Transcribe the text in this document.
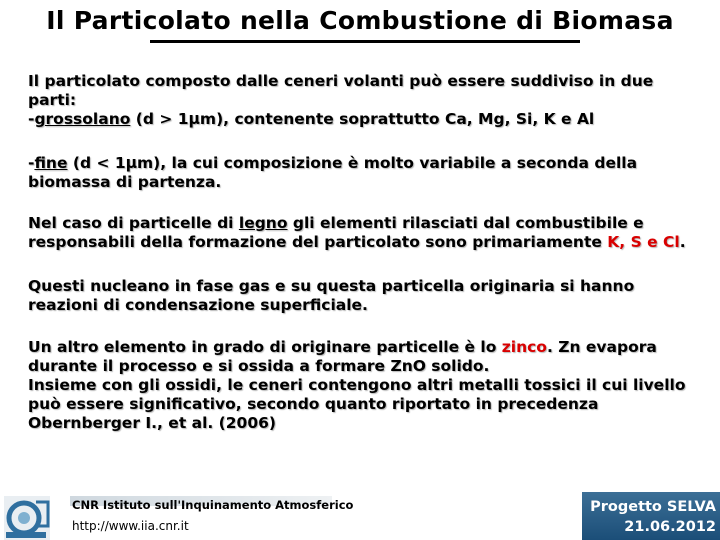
Il Particolato nella Combustione di Biomasa
Il particolato composto dalle ceneri volanti può essere suddiviso in due parti:
-grossolano (d > 1μm), contenente soprattutto Ca, Mg, Si, K e Al
-fine (d < 1μm), la cui composizione è molto variabile a seconda della biomassa di partenza.
Nel caso di particelle di legno gli elementi rilasciati dal combustibile e responsabili della formazione del particolato sono primariamente K, S e Cl.
Questi nucleano in fase gas e su questa particella originaria si hanno reazioni di condensazione superficiale.
Un altro elemento in grado di originare particelle è lo zinco. Zn evapora durante il processo e si ossida a formare ZnO solido.
Insieme con gli ossidi, le ceneri contengono altri metalli tossici il cui livello può essere significativo, secondo quanto riportato in precedenza Obernberger I., et al. (2006)
CNR Istituto sull'Inquinamento Atmosferico
http://www.iia.cnr.it
Progetto SELVA
21.06.2012
